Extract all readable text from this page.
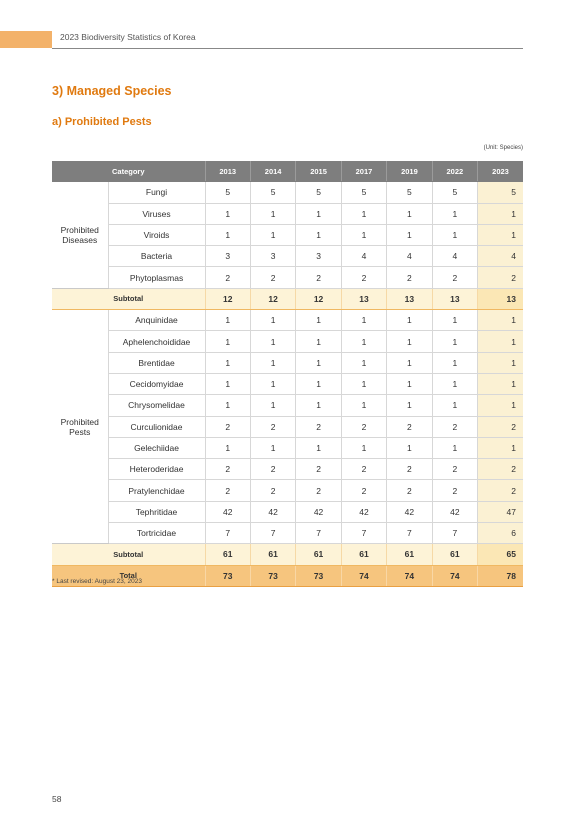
2023 Biodiversity Statistics of Korea
3) Managed Species
a) Prohibited Pests
(Unit: Species)
Category		2013	2014	2015	2017	2019	2022	2023
Prohibited
Diseases	Fungi	5	5	5	5	5	5	5
	Viruses	1	1	1	1	1	1	1
	Viroids	1	1	1	1	1	1	1
	Bacteria	3	3	3	4	4	4	4
	Phytoplasmas	2	2	2	2	2	2	2
Subtotal		12	12	12	13	13	13	13
Prohibited
Pests	Anquinidae	1	1	1	1	1	1	1
	Aphelenchoididae	1	1	1	1	1	1	1
	Brentidae	1	1	1	1	1	1	1
	Cecidomyidae	1	1	1	1	1	1	1
	Chrysomelidae	1	1	1	1	1	1	1
	Curculionidae	2	2	2	2	2	2	2
	Gelechiidae	1	1	1	1	1	1	1
	Heteroderidae	2	2	2	2	2	2	2
	Pratylenchidae	2	2	2	2	2	2	2
	Tephritidae	42	42	42	42	42	42	47
	Tortricidae	7	7	7	7	7	7	6
Subtotal		61	61	61	61	61	61	65
Total		73	73	73	74	74	74	78
* Last revised: August 23, 2023
58
